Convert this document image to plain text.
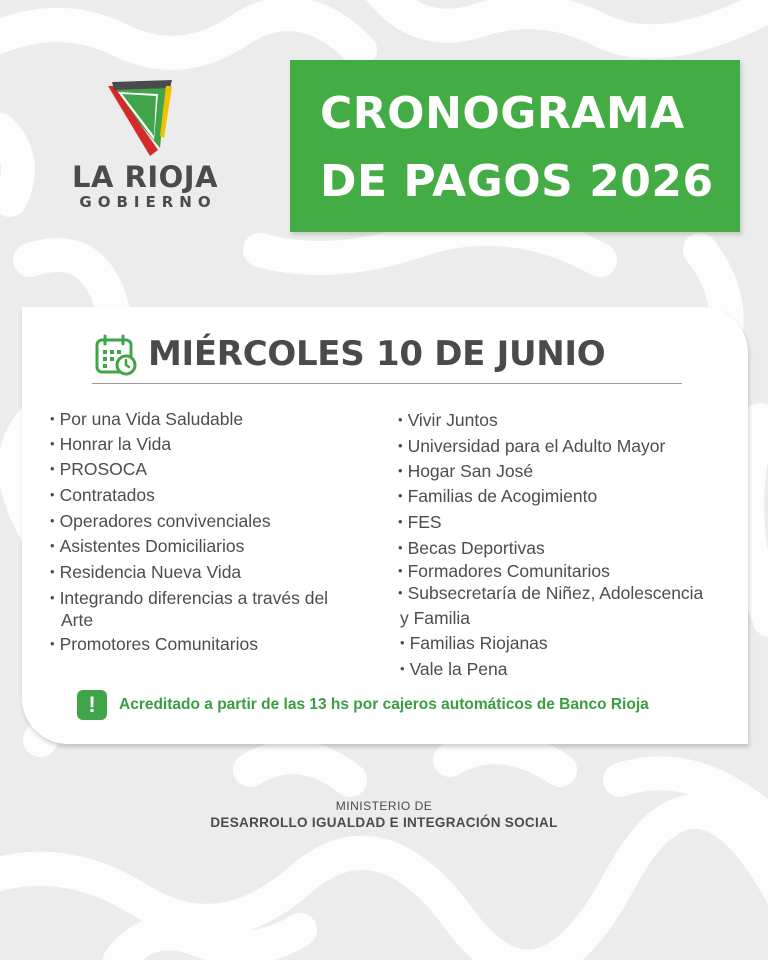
LA RIOJA
GOBIERNO
CRONOGRAMA
DE PAGOS 2026
MIÉRCOLES 10 DE JUNIO
• Por una Vida Saludable
• Honrar la Vida
• PROSOCA
• Contratados
• Operadores convivenciales
• Asistentes Domiciliarios
• Residencia Nueva Vida
• Integrando diferencias a través del
Arte
• Promotores Comunitarios
• Vivir Juntos
• Universidad para el Adulto Mayor
• Hogar San José
• Familias de Acogimiento
• FES
• Becas Deportivas
• Formadores Comunitarios
• Subsecretaría de Niñez, Adolescencia
y Familia
• Familias Riojanas
• Vale la Pena
!	Acreditado a partir de las 13 hs por cajeros automáticos de Banco Rioja
MINISTERIO DE
DESARROLLO IGUALDAD E INTEGRACIÓN SOCIAL
